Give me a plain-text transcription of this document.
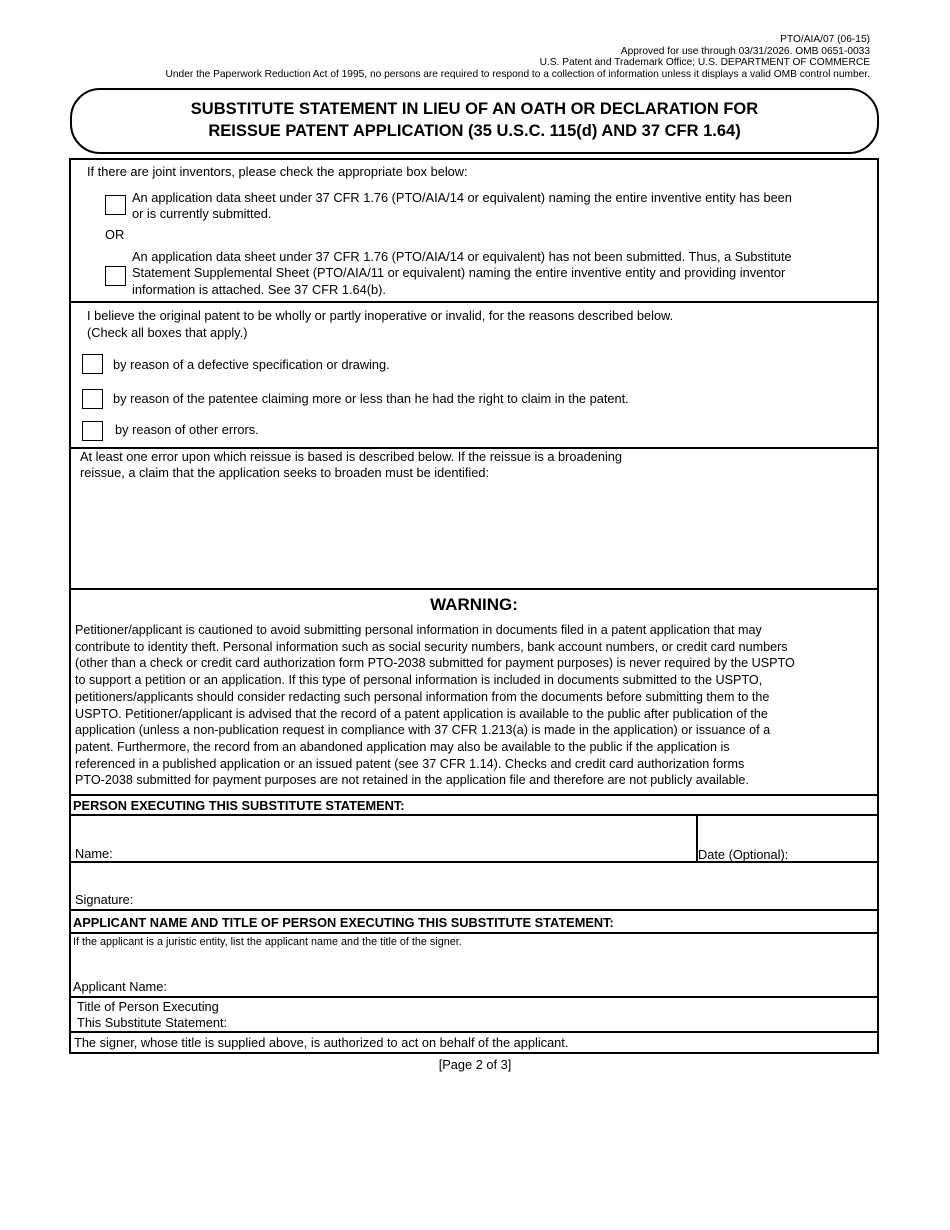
PTO/AIA/07 (06-15)
Approved for use through 03/31/2026. OMB 0651-0033
U.S. Patent and Trademark Office; U.S. DEPARTMENT OF COMMERCE
Under the Paperwork Reduction Act of 1995, no persons are required to respond to a collection of information unless it displays a valid OMB control number.
SUBSTITUTE STATEMENT IN LIEU OF AN OATH OR DECLARATION FOR
REISSUE PATENT APPLICATION (35 U.S.C. 115(d) AND 37 CFR 1.64)
If there are joint inventors, please check the appropriate box below:
An application data sheet under 37 CFR 1.76 (PTO/AIA/14 or equivalent) naming the entire inventive entity has been
or is currently submitted.
OR
An application data sheet under 37 CFR 1.76 (PTO/AIA/14 or equivalent) has not been submitted. Thus, a Substitute
Statement Supplemental Sheet (PTO/AIA/11 or equivalent) naming the entire inventive entity and providing inventor
information is attached. See 37 CFR 1.64(b).
I believe the original patent to be wholly or partly inoperative or invalid, for the reasons described below.
(Check all boxes that apply.)
by reason of a defective specification or drawing.
by reason of the patentee claiming more or less than he had the right to claim in the patent.
by reason of other errors.
At least one error upon which reissue is based is described below. If the reissue is a broadening
reissue, a claim that the application seeks to broaden must be identified:
WARNING:
Petitioner/applicant is cautioned to avoid submitting personal information in documents filed in a patent application that may
contribute to identity theft. Personal information such as social security numbers, bank account numbers, or credit card numbers
(other than a check or credit card authorization form PTO-2038 submitted for payment purposes) is never required by the USPTO
to support a petition or an application. If this type of personal information is included in documents submitted to the USPTO,
petitioners/applicants should consider redacting such personal information from the documents before submitting them to the
USPTO. Petitioner/applicant is advised that the record of a patent application is available to the public after publication of the
application (unless a non-publication request in compliance with 37 CFR 1.213(a) is made in the application) or issuance of a
patent. Furthermore, the record from an abandoned application may also be available to the public if the application is
referenced in a published application or an issued patent (see 37 CFR 1.14). Checks and credit card authorization forms
PTO-2038 submitted for payment purposes are not retained in the application file and therefore are not publicly available.
PERSON EXECUTING THIS SUBSTITUTE STATEMENT:
Name:	Date (Optional):
Signature:
APPLICANT NAME AND TITLE OF PERSON EXECUTING THIS SUBSTITUTE STATEMENT:
If the applicant is a juristic entity, list the applicant name and the title of the signer.
Applicant Name:
Title of Person Executing
This Substitute Statement:
The signer, whose title is supplied above, is authorized to act on behalf of the applicant.
[Page 2 of 3]
